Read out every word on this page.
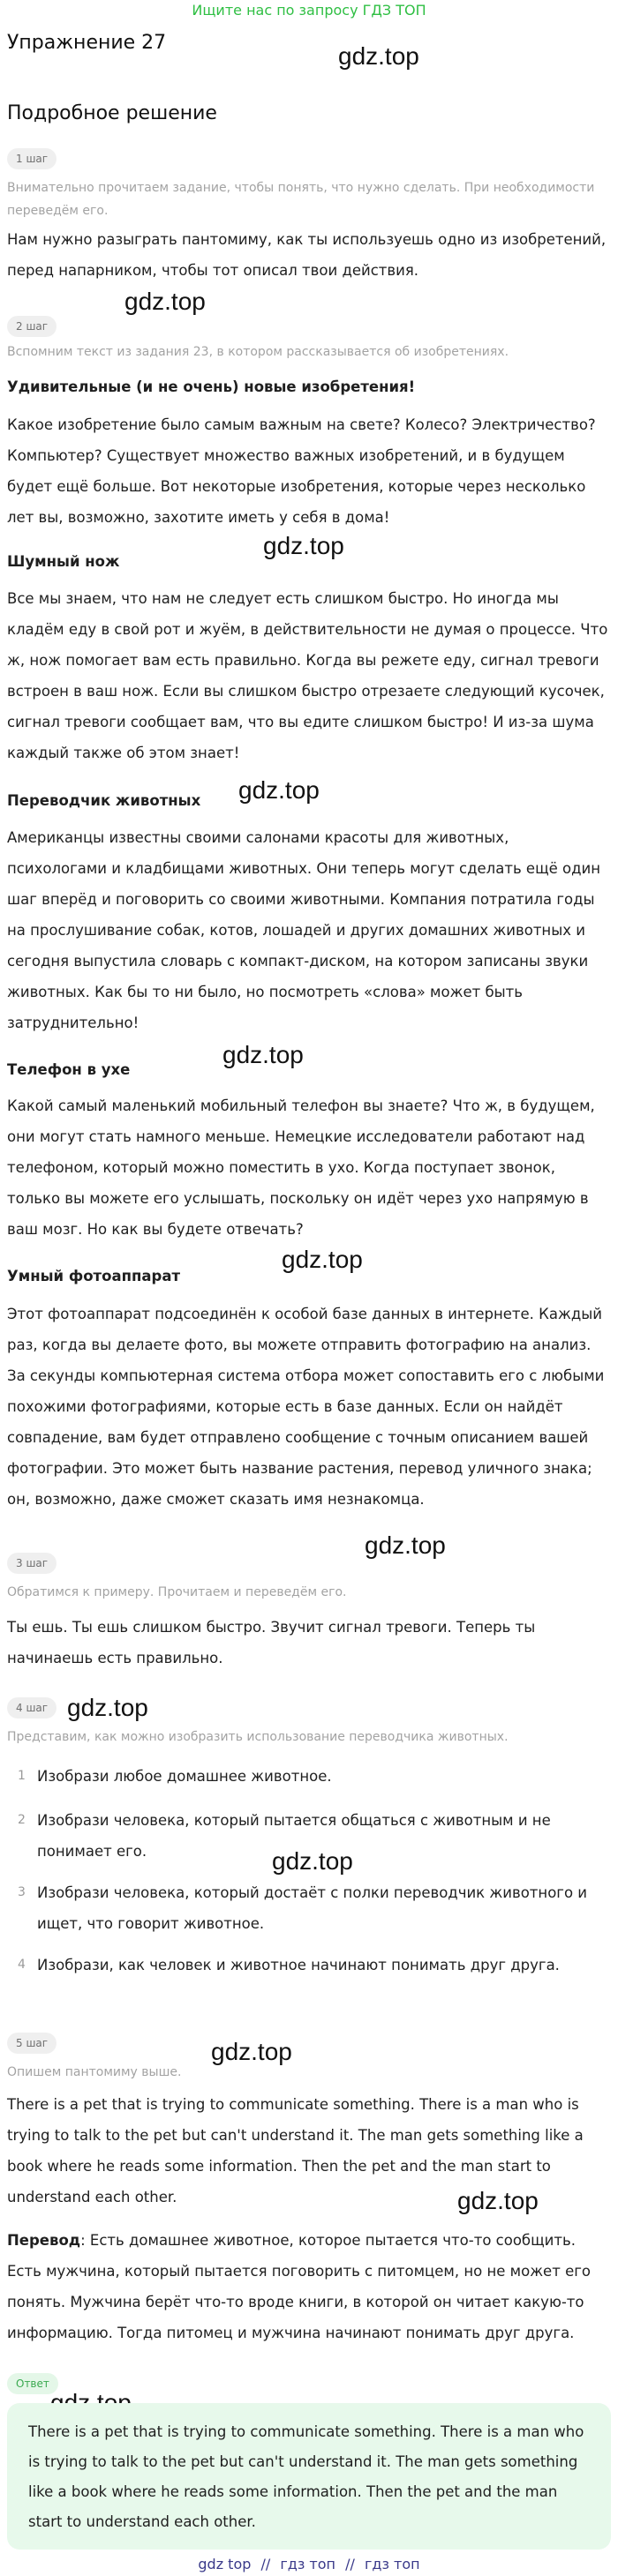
Ищите нас по запросу ГДЗ ТОП
Упражнение 27	gdz.top
Подробное решение
1 шаг
Внимательно прочитаем задание, чтобы понять, что нужно сделать. При необходимости переведём его.
Нам нужно разыграть пантомиму, как ты используешь одно из изобретений, перед напарником, чтобы тот описал твои действия.
gdz.top
2 шаг
Вспомним текст из задания 23, в котором рассказывается об изобретениях.
Удивительные (и не очень) новые изобретения!
Какое изобретение было самым важным на свете? Колесо? Электричество? Компьютер? Существует множество важных изобретений, и в будущем будет ещё больше. Вот некоторые изобретения, которые через несколько лет вы, возможно, захотите иметь у себя в дома!
gdz.top
Шумный нож
Все мы знаем, что нам не следует есть слишком быстро. Но иногда мы кладём еду в свой рот и жуём, в действительности не думая о процессе. Что ж, нож помогает вам есть правильно. Когда вы режете еду, сигнал тревоги встроен в ваш нож. Если вы слишком быстро отрезаете следующий кусочек, сигнал тревоги сообщает вам, что вы едите слишком быстро! И из-за шума каждый также об этом знает!
gdz.top
Переводчик животных
Американцы известны своими салонами красоты для животных, психологами и кладбищами животных. Они теперь могут сделать ещё один шаг вперёд и поговорить со своими животными. Компания потратила годы на прослушивание собак, котов, лошадей и других домашних животных и сегодня выпустила словарь с компакт-диском, на котором записаны звуки животных. Как бы то ни было, но посмотреть «слова» может быть затруднительно!
gdz.top
Телефон в ухе
Какой самый маленький мобильный телефон вы знаете? Что ж, в будущем, они могут стать намного меньше. Немецкие исследователи работают над телефоном, который можно поместить в ухо. Когда поступает звонок, только вы можете его услышать, поскольку он идёт через ухо напрямую в ваш мозг. Но как вы будете отвечать?
gdz.top
Умный фотоаппарат
Этот фотоаппарат подсоединён к особой базе данных в интернете. Каждый раз, когда вы делаете фото, вы можете отправить фотографию на анализ. За секунды компьютерная система отбора может сопоставить его с любыми похожими фотографиями, которые есть в базе данных. Если он найдёт совпадение, вам будет отправлено сообщение с точным описанием вашей фотографии. Это может быть название растения, перевод уличного знака; он, возможно, даже сможет сказать имя незнакомца.
gdz.top
3 шаг
Обратимся к примеру. Прочитаем и переведём его.
Ты ешь. Ты ешь слишком быстро. Звучит сигнал тревоги. Теперь ты начинаешь есть правильно.
4 шаг gdz.top
Представим, как можно изобразить использование переводчика животных.
1 Изобрази любое домашнее животное.
2 Изобрази человека, который пытается общаться с животным и не понимает его.	gdz.top
3 Изобрази человека, который достаёт с полки переводчик животного и ищет, что говорит животное.
4 Изобрази, как человек и животное начинают понимать друг друга.
5 шаг	gdz.top
Опишем пантомиму выше.
There is a pet that is trying to communicate something. There is a man who is trying to talk to the pet but can't understand it. The man gets something like a book where he reads some information. Then the pet and the man start to understand each other.	gdz.top
Перевод: Есть домашнее животное, которое пытается что-то сообщить. Есть мужчина, который пытается поговорить с питомцем, но не может его понять. Мужчина берёт что-то вроде книги, в которой он читает какую-то информацию. Тогда питомец и мужчина начинают понимать друг друга.
Ответ
There is a pet that is trying to communicate something. There is a man who is trying to talk to the pet but can't understand it. The man gets something like a book where he reads some information. Then the pet and the man start to understand each other.
gdz top // гдз топ // гдз топ
